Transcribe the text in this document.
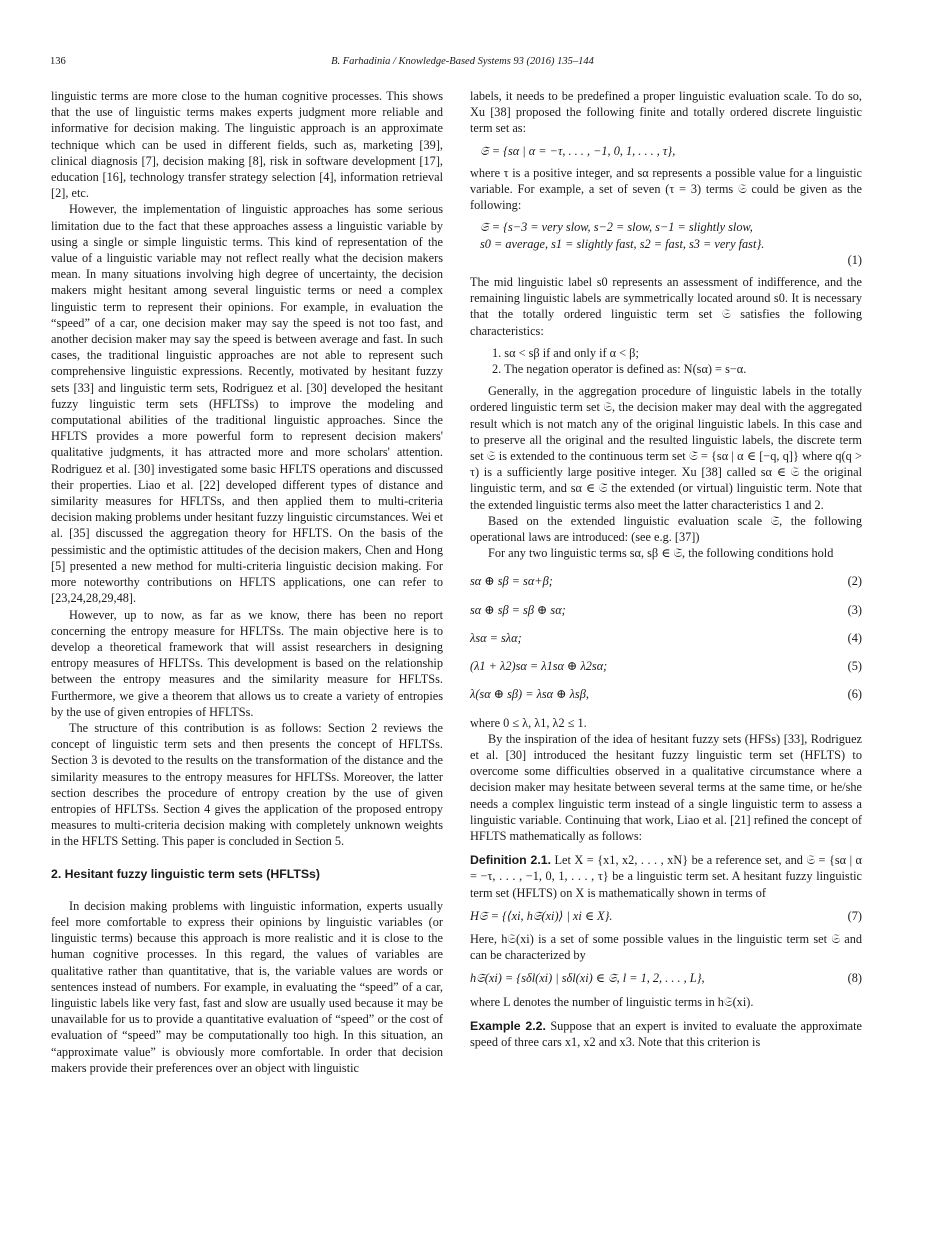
136	B. Farhadinia / Knowledge-Based Systems 93 (2016) 135–144

linguistic terms are more close to the human cognitive processes. This shows that the use of linguistic terms makes experts judgment more reliable and informative for decision making. The linguistic approach is an approximate technique which can be used in different fields, such as, marketing [39], clinical diagnosis [7], decision making [8], risk in software development [17], education [16], technology transfer strategy selection [4], information retrieval [2], etc.

However, the implementation of linguistic approaches has some serious limitation due to the fact that these approaches assess a linguistic variable by using a single or simple linguistic terms. This kind of representation of the value of a linguistic variable may not reflect really what the decision makers mean. In many situations involving high degree of uncertainty, the decision makers might hesitant among several linguistic terms or need a complex linguistic term to represent their opinions. For example, in evaluation the “speed” of a car, one decision maker may say the speed is not too fast, and another decision maker may say the speed is between average and fast. In such cases, the traditional linguistic approaches are not able to represent such comprehensive linguistic expressions. Recently, motivated by hesitant fuzzy sets [33] and linguistic term sets, Rodriguez et al. [30] developed the hesitant fuzzy linguistic term sets (HFLTSs) to improve the modeling and computational abilities of the traditional linguistic approaches. Since the HFLTS provides a more powerful form to represent decision makers' qualitative judgments, it has attracted more and more scholars' attention. Rodriguez et al. [30] investigated some basic HFLTS operations and discussed their properties. Liao et al. [22] developed different types of distance and similarity measures for HFLTSs, and then applied them to multi-criteria decision making problems under hesitant fuzzy linguistic circumstances. Wei et al. [35] discussed the aggregation theory for HFLTS. On the basis of the pessimistic and the optimistic attitudes of the decision makers, Chen and Hong [5] presented a new method for multi-criteria linguistic decision making. For more noteworthy contributions on HFLTS applications, one can refer to [23,24,28,29,48].

However, up to now, as far as we know, there has been no report concerning the entropy measure for HFLTSs. The main objective here is to develop a theoretical framework that will assist researchers in designing entropy measures of HFLTSs. This development is based on the relationship between the entropy measures and the similarity measure for HFLTSs. Furthermore, we give a theorem that allows us to create a variety of entropies by the use of given entropies of HFLTSs.

The structure of this contribution is as follows: Section 2 reviews the concept of linguistic term sets and then presents the concept of HFLTSs. Section 3 is devoted to the results on the transformation of the distance and the similarity measures to the entropy measures for HFLTSs. Moreover, the latter section describes the procedure of entropy creation by the use of given entropies of HFLTSs. Section 4 gives the application of the proposed entropy measures to multi-criteria decision making with completely unknown weights in the HFLTS Setting. This paper is concluded in Section 5.

2. Hesitant fuzzy linguistic term sets (HFLTSs)

In decision making problems with linguistic information, experts usually feel more comfortable to express their opinions by linguistic variables (or linguistic terms) because this approach is more realistic and it is close to the human cognitive processes. In this regard, the values of variables are qualitative rather than quantitative, that is, the variable values are words or sentences instead of numbers. For example, in evaluating the “speed” of a car, linguistic labels like very fast, fast and slow are usually used because it may be unavailable for us to provide a quantitative evaluation of “speed” or the cost of evaluation of “speed” may be computationally too high. In this situation, an “approximate value” is obviously more comfortable. In order that decision makers provide their preferences over an object with linguistic

labels, it needs to be predefined a proper linguistic evaluation scale. To do so, Xu [38] proposed the following finite and totally ordered discrete linguistic term set as:

𝔖 = {sα | α = −τ, . . . , −1, 0, 1, . . . , τ},

where τ is a positive integer, and sα represents a possible value for a linguistic variable. For example, a set of seven (τ = 3) terms 𝔖 could be given as the following:

𝔖 = {s−3 = very slow, s−2 = slow, s−1 = slightly slow,
s0 = average, s1 = slightly fast, s2 = fast, s3 = very fast}.
(1)

The mid linguistic label s0 represents an assessment of indifference, and the remaining linguistic labels are symmetrically located around s0. It is necessary that the totally ordered linguistic term set 𝔖 satisfies the following characteristics:

1. sα < sβ if and only if α < β;
2. The negation operator is defined as: N(sα) = s−α.

Generally, in the aggregation procedure of linguistic labels in the totally ordered linguistic term set 𝔖, the decision maker may deal with the aggregated result which is not match any of the original linguistic labels. In this case and to preserve all the original and the resulted linguistic labels, the discrete term set 𝔖 is extended to the continuous term set 𝔖̄ = {sα | α ∈ [−q, q]} where q(q > τ) is a sufficiently large positive integer. Xu [38] called sα ∈ 𝔖 the original linguistic term, and sα ∈ 𝔖̄ the extended (or virtual) linguistic term. Note that the extended linguistic terms also meet the latter characteristics 1 and 2.

Based on the extended linguistic evaluation scale 𝔖̄, the following operational laws are introduced: (see e.g. [37])

For any two linguistic terms sα, sβ ∈ 𝔖̄, the following conditions hold

sα ⊕ sβ = sα+β;	(2)
sα ⊕ sβ = sβ ⊕ sα;	(3)
λsα = sλα;	(4)
(λ1 + λ2)sα = λ1sα ⊕ λ2sα;	(5)
λ(sα ⊕ sβ) = λsα ⊕ λsβ,	(6)

where 0 ≤ λ, λ1, λ2 ≤ 1.

By the inspiration of the idea of hesitant fuzzy sets (HFSs) [33], Rodriguez et al. [30] introduced the hesitant fuzzy linguistic term set (HFLTS) to overcome some difficulties observed in a qualitative circumstance where a decision maker may hesitate between several terms at the same time, or he/she needs a complex linguistic term instead of a single linguistic term to assess a linguistic variable. Continuing that work, Liao et al. [21] refined the concept of HFLTS mathematically as follows:

Definition 2.1. Let X = {x1, x2, . . . , xN} be a reference set, and 𝔖 = {sα | α = −τ, . . . , −1, 0, 1, . . . , τ} be a linguistic term set. A hesitant fuzzy linguistic term set (HFLTS) on X is mathematically shown in terms of

H𝔖 = {⟨xi, h𝔖(xi)⟩ | xi ∈ X}.	(7)

Here, h𝔖(xi) is a set of some possible values in the linguistic term set 𝔖 and can be characterized by

h𝔖(xi) = {sδl(xi) | sδl(xi) ∈ 𝔖, l = 1, 2, . . . , L},	(8)

where L denotes the number of linguistic terms in h𝔖(xi).

Example 2.2. Suppose that an expert is invited to evaluate the approximate speed of three cars x1, x2 and x3. Note that this criterion is
